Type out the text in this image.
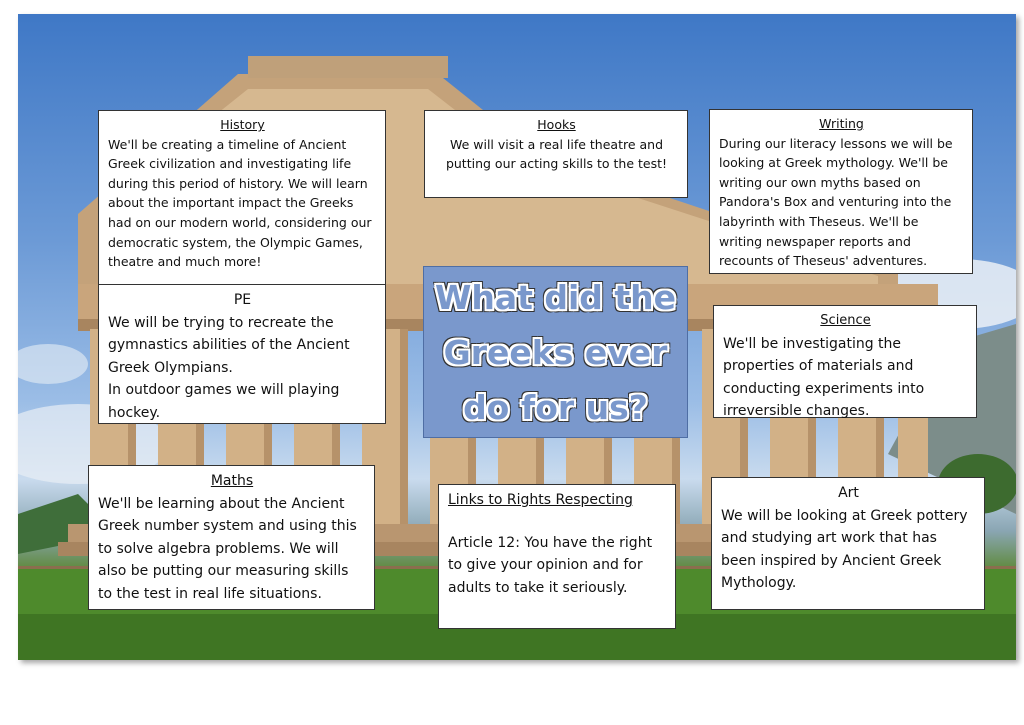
History

We'll be creating a timeline of Ancient Greek civilization and investigating life during this period of history. We will learn about the important impact the Greeks had on our modern world, considering our democratic system, the Olympic Games, theatre and much more!

Hooks

We will visit a real life theatre and putting our acting skills to the test!

Writing

During our literacy lessons we will be looking at Greek mythology. We'll be writing our own myths based on Pandora's Box and venturing into the labyrinth with Theseus. We'll be writing newspaper reports and recounts of Theseus' adventures.

PE

We will be trying to recreate the gymnastics abilities of the Ancient Greek Olympians.

In outdoor games we will playing hockey.

What did the Greeks ever do for us?
Science

We'll be investigating the properties of materials and conducting experiments into irreversible changes.

Maths

We'll be learning about the Ancient Greek number system and using this to solve algebra problems. We will also be putting our measuring skills to the test in real life situations.

Links to Rights Respecting

Article 12: You have the right to give your opinion and for adults to take it seriously.

Art

We will be looking at Greek pottery and studying art work that has been inspired by Ancient Greek Mythology.
